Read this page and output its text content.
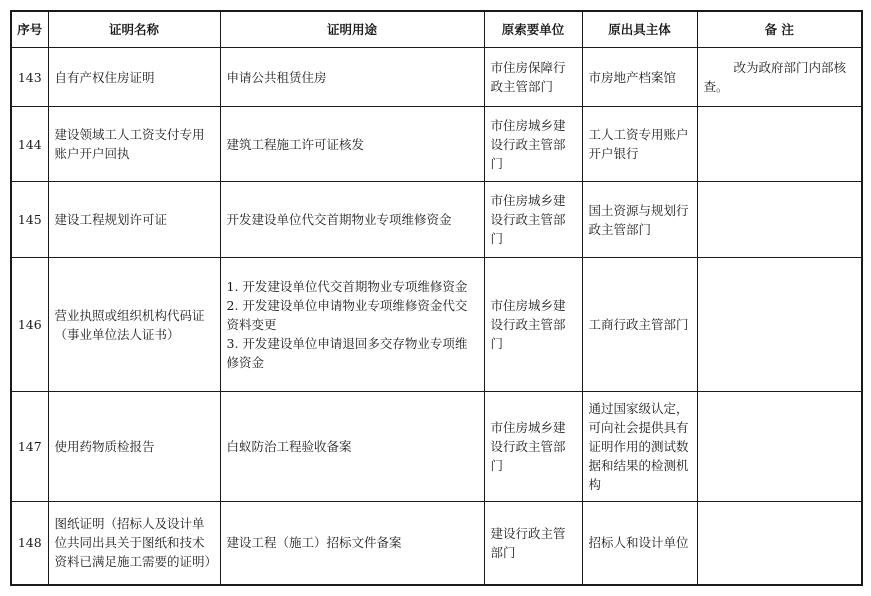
序号	证明名称	证明用途	原索要单位	原出具主体	备 注
143	自有产权住房证明	申请公共租赁住房	市住房保障行政主管部门	市房地产档案馆	改为政府部门内部核查。
144	建设领域工人工资支付专用账户开户回执	建筑工程施工许可证核发	市住房城乡建设行政主管部门	工人工资专用账户开户银行	
145	建设工程规划许可证	开发建设单位代交首期物业专项维修资金	市住房城乡建设行政主管部门	国土资源与规划行政主管部门	
146	营业执照或组织机构代码证（事业单位法人证书）	1. 开发建设单位代交首期物业专项维修资金
2. 开发建设单位申请物业专项维修资金代交资料变更
3. 开发建设单位申请退回多交存物业专项维修资金	市住房城乡建设行政主管部门	工商行政主管部门	
147	使用药物质检报告	白蚁防治工程验收备案	市住房城乡建设行政主管部门	通过国家级认定，可向社会提供具有证明作用的测试数据和结果的检测机构	
148	图纸证明（招标人及设计单位共同出具关于图纸和技术资料已满足施工需要的证明）	建设工程（施工）招标文件备案	建设行政主管部门	招标人和设计单位	
